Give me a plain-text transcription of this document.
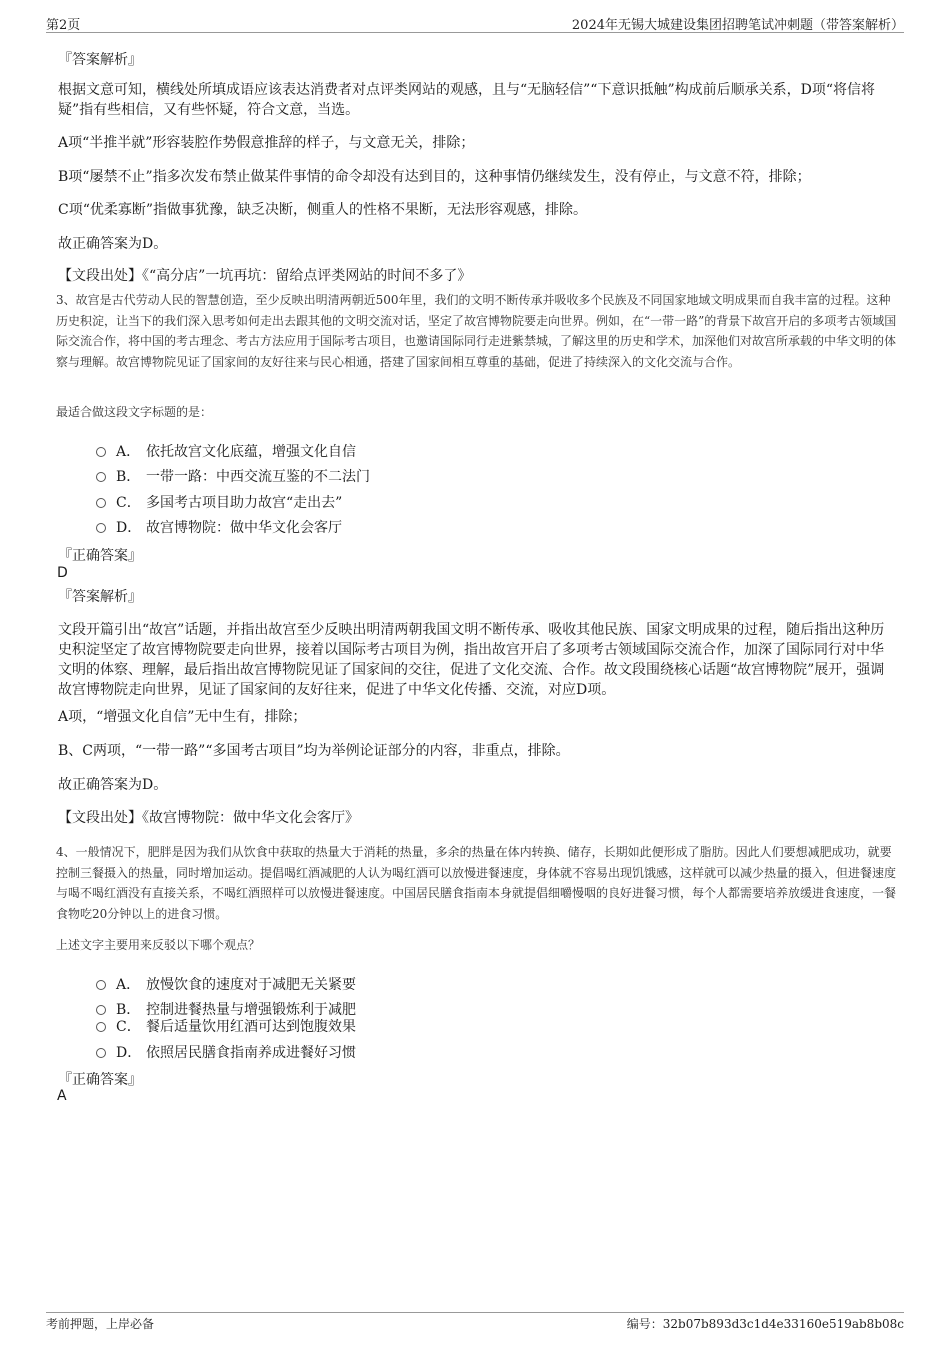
第2页	2024年无锡大城建设集团招聘笔试冲刺题（带答案解析）
『答案解析』
根据文意可知，横线处所填成语应该表达消费者对点评类网站的观感，且与“无脑轻信”“下意识抵触”构成前后顺承关系，D项“将信将疑”指有些相信，又有些怀疑，符合文意，当选。
A项“半推半就”形容装腔作势假意推辞的样子，与文意无关，排除；
B项“屡禁不止”指多次发布禁止做某件事情的命令却没有达到目的，这种事情仍继续发生，没有停止，与文意不符，排除；
C项“优柔寡断”指做事犹豫，缺乏决断，侧重人的性格不果断，无法形容观感，排除。
故正确答案为D。
【文段出处】《“高分店”一坑再坑：留给点评类网站的时间不多了》
3、故宫是古代劳动人民的智慧创造，至少反映出明清两朝近500年里，我们的文明不断传承并吸收多个民族及不同国家地域文明成果而自我丰富的过程。这种历史积淀，让当下的我们深入思考如何走出去跟其他的文明交流对话，坚定了故宫博物院要走向世界。例如，在“一带一路”的背景下故宫开启的多项考古领域国际交流合作，将中国的考古理念、考古方法应用于国际考古项目，也邀请国际同行走进紫禁城，了解这里的历史和学术，加深他们对故宫所承载的中华文明的体察与理解。故宫博物院见证了国家间的友好往来与民心相通，搭建了国家间相互尊重的基础，促进了持续深入的文化交流与合作。
最适合做这段文字标题的是：
A． 依托故宫文化底蕴，增强文化自信
B． 一带一路：中西交流互鉴的不二法门
C． 多国考古项目助力故宫“走出去”
D． 故宫博物院：做中华文化会客厅
『正确答案』
D
『答案解析』
文段开篇引出“故宫”话题，并指出故宫至少反映出明清两朝我国文明不断传承、吸收其他民族、国家文明成果的过程，随后指出这种历史积淀坚定了故宫博物院要走向世界，接着以国际考古项目为例，指出故宫开启了多项考古领域国际交流合作，加深了国际同行对中华文明的体察、理解，最后指出故宫博物院见证了国家间的交往，促进了文化交流、合作。故文段围绕核心话题“故宫博物院”展开，强调故宫博物院走向世界，见证了国家间的友好往来，促进了中华文化传播、交流，对应D项。
A项，“增强文化自信”无中生有，排除；
B、C两项，“一带一路”“多国考古项目”均为举例论证部分的内容，非重点，排除。
故正确答案为D。
【文段出处】《故宫博物院：做中华文化会客厅》
4、一般情况下，肥胖是因为我们从饮食中获取的热量大于消耗的热量，多余的热量在体内转换、储存，长期如此便形成了脂肪。因此人们要想减肥成功，就要控制三餐摄入的热量，同时增加运动。提倡喝红酒减肥的人认为喝红酒可以放慢进餐速度，身体就不容易出现饥饿感，这样就可以减少热量的摄入，但进餐速度与喝不喝红酒没有直接关系，不喝红酒照样可以放慢进餐速度。中国居民膳食指南本身就提倡细嚼慢咽的良好进餐习惯，每个人都需要培养放缓进食速度，一餐食物吃20分钟以上的进食习惯。
上述文字主要用来反驳以下哪个观点？
A． 放慢饮食的速度对于减肥无关紧要
B． 控制进餐热量与增强锻炼利于减肥
C． 餐后适量饮用红酒可达到饱腹效果
D． 依照居民膳食指南养成进餐好习惯
『正确答案』
A
考前押题，上岸必备	编号：32b07b893d3c1d4e33160e519ab8b08c
